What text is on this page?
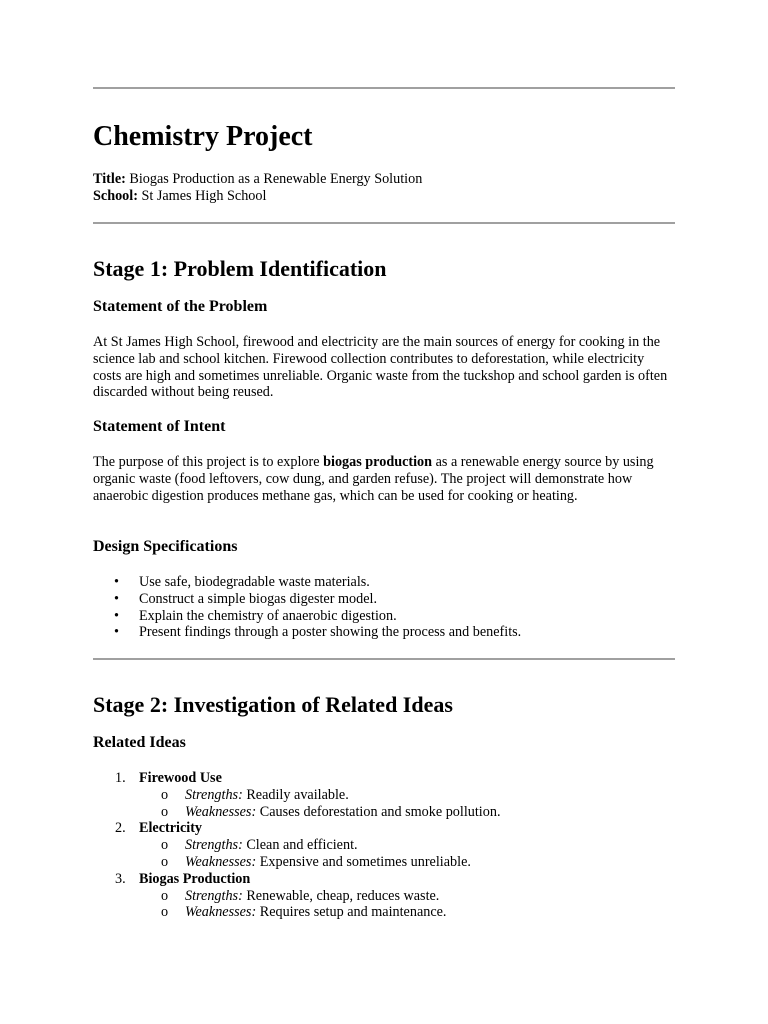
Chemistry Project
Title: Biogas Production as a Renewable Energy Solution
School: St James High School
Stage 1: Problem Identification
Statement of the Problem

At St James High School, firewood and electricity are the main sources of energy for cooking in the science lab and school kitchen. Firewood collection contributes to deforestation, while electricity costs are high and sometimes unreliable. Organic waste from the tuckshop and school garden is often discarded without being reused.

Statement of Intent

The purpose of this project is to explore biogas production as a renewable energy source by using organic waste (food leftovers, cow dung, and garden refuse). The project will demonstrate how anaerobic digestion produces methane gas, which can be used for cooking or heating.

Design Specifications
• Use safe, biodegradable waste materials.
• Construct a simple biogas digester model.
• Explain the chemistry of anaerobic digestion.
• Present findings through a poster showing the process and benefits.
Stage 2: Investigation of Related Ideas
Related Ideas
1. Firewood Use
o Strengths: Readily available.
o Weaknesses: Causes deforestation and smoke pollution.
2. Electricity
o Strengths: Clean and efficient.
o Weaknesses: Expensive and sometimes unreliable.
3. Biogas Production
o Strengths: Renewable, cheap, reduces waste.
o Weaknesses: Requires setup and maintenance.
